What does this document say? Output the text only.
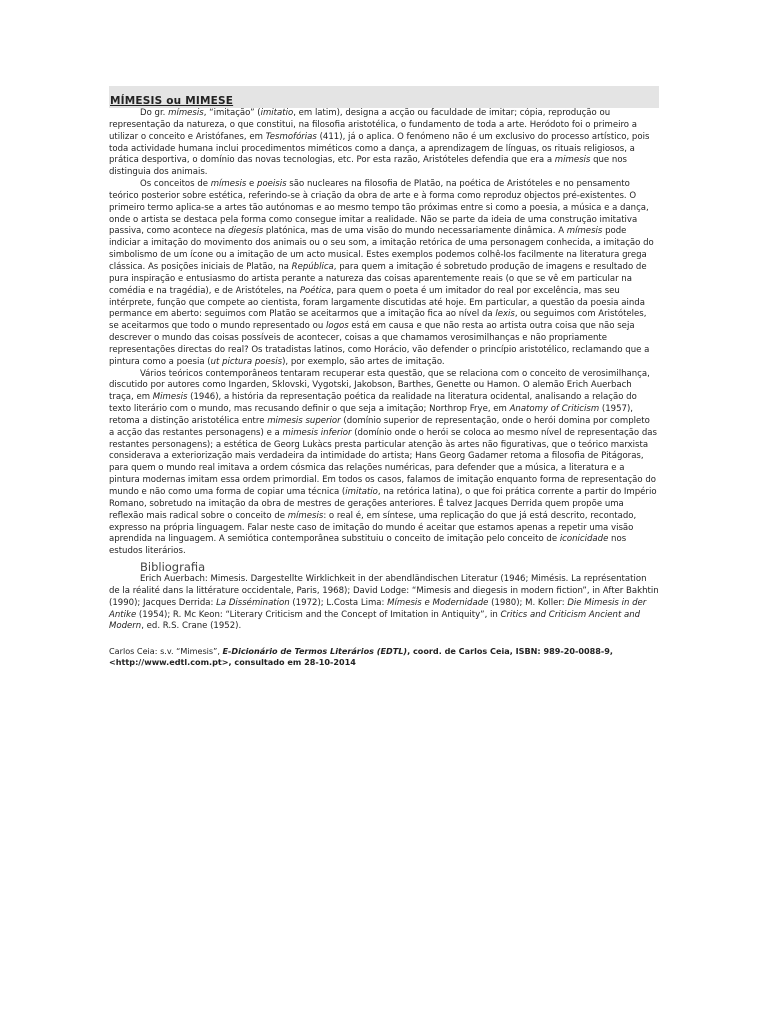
MÍMESIS ou MIMESE

Do gr. mímesis, “imitação” (imitatio, em latim), designa a acção ou faculdade de imitar; cópia, reprodução ou representação da natureza, o que constitui, na filosofia aristotélica, o fundamento de toda a arte. Heródoto foi o primeiro a utilizar o conceito e Aristófanes, em Tesmofórias (411), já o aplica. O fenómeno não é um exclusivo do processo artístico, pois toda actividade humana inclui procedimentos miméticos como a dança, a aprendizagem de línguas, os rituais religiosos, a prática desportiva, o domínio das novas tecnologias, etc. Por esta razão, Aristóteles defendia que era a mimesis que nos distinguia dos animais.

Os conceitos de mímesis e poeisis são nucleares na filosofia de Platão, na poética de Aristóteles e no pensamento teórico posterior sobre estética, referindo-se à criação da obra de arte e à forma como reproduz objectos pré-existentes. O primeiro termo aplica-se a artes tão autónomas e ao mesmo tempo tão próximas entre si como a poesia, a música e a dança, onde o artista se destaca pela forma como consegue imitar a realidade. Não se parte da ideia de uma construção imitativa passiva, como acontece na diegesis platónica, mas de uma visão do mundo necessariamente dinâmica. A mímesis pode indiciar a imitação do movimento dos animais ou o seu som, a imitação retórica de uma personagem conhecida, a imitação do simbolismo de um ícone ou a imitação de um acto musical. Estes exemplos podemos colhê-los facilmente na literatura grega clássica. As posições iniciais de Platão, na República, para quem a imitação é sobretudo produção de imagens e resultado de pura inspiração e entusiasmo do artista perante a natureza das coisas aparentemente reais (o que se vê em particular na comédia e na tragédia), e de Aristóteles, na Poética, para quem o poeta é um imitador do real por excelência, mas seu intérprete, função que compete ao cientista, foram largamente discutidas até hoje. Em particular, a questão da poesia ainda permance em aberto: seguimos com Platão se aceitarmos que a imitação fica ao nível da lexis, ou seguimos com Aristóteles, se aceitarmos que todo o mundo representado ou logos está em causa e que não resta ao artista outra coisa que não seja descrever o mundo das coisas possíveis de acontecer, coisas a que chamamos verosimilhanças e não propriamente representações directas do real? Os tratadistas latinos, como Horácio, vão defender o princípio aristotélico, reclamando que a pintura como a poesia (ut pictura poesis), por exemplo, são artes de imitação.

Vários teóricos contemporâneos tentaram recuperar esta questão, que se relaciona com o conceito de verosimilhança, discutido por autores como Ingarden, Sklovski, Vygotski, Jakobson, Barthes, Genette ou Hamon. O alemão Erich Auerbach traça, em Mimesis (1946), a história da representação poética da realidade na literatura ocidental, analisando a relação do texto literário com o mundo, mas recusando definir o que seja a imitação; Northrop Frye, em Anatomy of Criticism (1957), retoma a distinção aristotélica entre mimesis superior (domínio superior de representação, onde o herói domina por completo a acção das restantes personagens) e a mimesis inferior (domínio onde o herói se coloca ao mesmo nível de representação das restantes personagens); a estética de Georg Lukàcs presta particular atenção às artes não figurativas, que o teórico marxista considerava a exteriorização mais verdadeira da intimidade do artista; Hans Georg Gadamer retoma a filosofia de Pitágoras, para quem o mundo real imitava a ordem cósmica das relações numéricas, para defender que a música, a literatura e a pintura modernas imitam essa ordem primordial. Em todos os casos, falamos de imitação enquanto forma de representação do mundo e não como uma forma de copiar uma técnica (imitatio, na retórica latina), o que foi prática corrente a partir do Império Romano, sobretudo na imitação da obra de mestres de gerações anteriores. É talvez Jacques Derrida quem propõe uma reflexão mais radical sobre o conceito de mímesis: o real é, em síntese, uma replicação do que já está descrito, recontado, expresso na própria linguagem. Falar neste caso de imitação do mundo é aceitar que estamos apenas a repetir uma visão aprendida na linguagem. A semiótica contemporânea substituiu o conceito de imitação pelo conceito de iconicidade nos estudos literários.

Bibliografia

Erich Auerbach: Mimesis. Dargestellte Wirklichkeit in der abendländischen Literatur (1946; Mimésis. La représentation de la réalité dans la littérature occidentale, Paris, 1968); David Lodge: “Mimesis and diegesis in modern fiction”, in After Bakhtin (1990); Jacques Derrida: La Dissémination (1972); L.Costa Lima: Mímesis e Modernidade (1980); M. Koller: Die Mimesis in der Antike (1954); R. Mc Keon: “Literary Criticism and the Concept of Imitation in Antiquity”, in Critics and Criticism Ancient and Modern, ed. R.S. Crane (1952).

Carlos Ceia: s.v. “Mimesis”, E-Dicionário de Termos Literários (EDTL), coord. de Carlos Ceia, ISBN: 989-20-0088-9, <http://www.edtl.com.pt>, consultado em 28-10-2014
